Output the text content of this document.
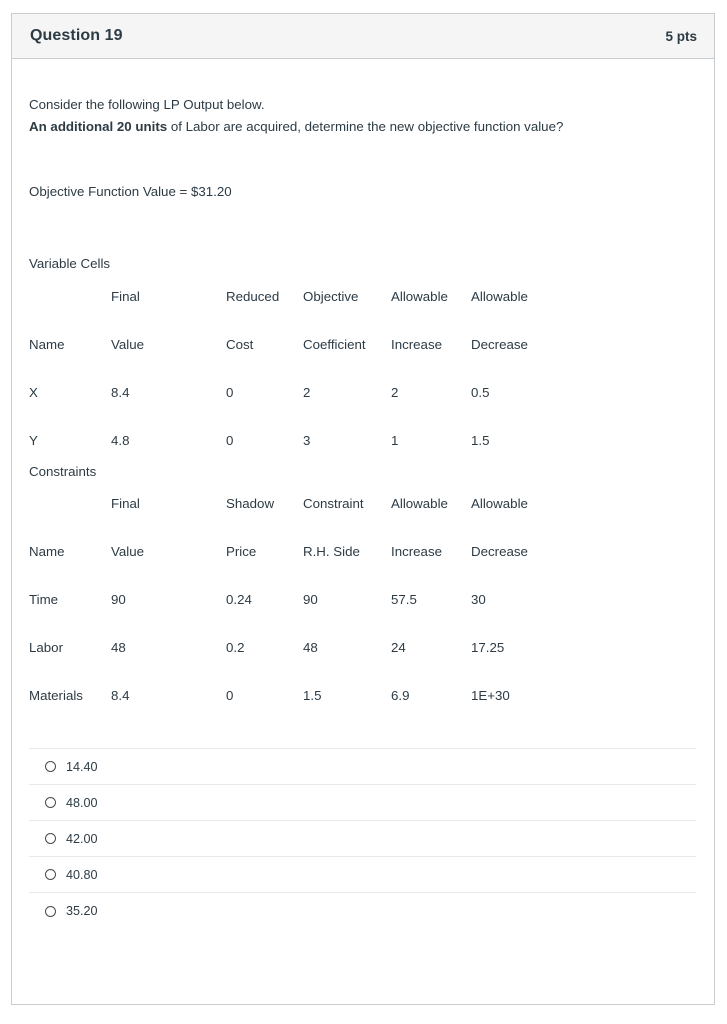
Question 19	5 pts
Consider the following LP Output below.
An additional 20 units of Labor are acquired, determine the new objective function value?
Objective Function Value = $31.20
Variable Cells
	Final	Reduced	Objective	Allowable	Allowable
Name	Value	Cost	Coefficient	Increase	Decrease
X	8.4	0	2	2	0.5
Y	4.8	0	3	1	1.5
Constraints
	Final	Shadow	Constraint	Allowable	Allowable
Name	Value	Price	R.H. Side	Increase	Decrease
Time	90	0.24	90	57.5	30
Labor	48	0.2	48	24	17.25
Materials	8.4	0	1.5	6.9	1E+30
14.40
48.00
42.00
40.80
35.20
